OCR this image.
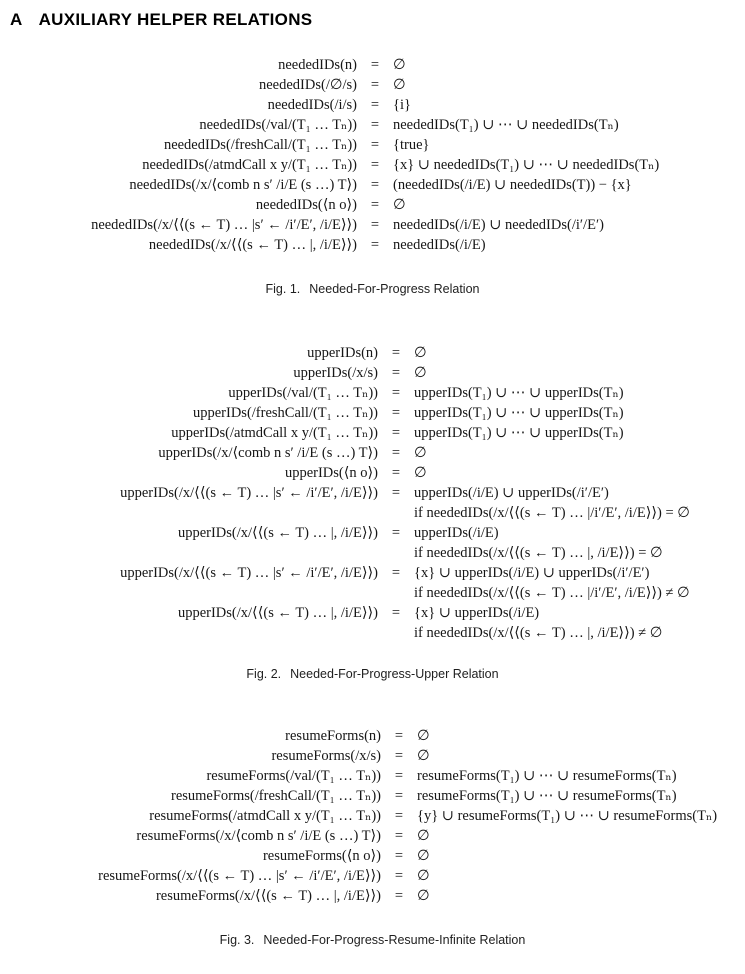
A AUXILIARY HELPER RELATIONS
neededIDs(n) = ∅
neededIDs(/∅/s) = ∅
neededIDs(/i/s) = {i}
neededIDs(/val/(T₁ … Tₙ)) = neededIDs(T₁) ∪ ⋯ ∪ neededIDs(Tₙ)
neededIDs(/freshCall/(T₁ … Tₙ)) = {true}
neededIDs(/atmdCall x y/(T₁ … Tₙ)) = {x} ∪ neededIDs(T₁) ∪ ⋯ ∪ neededIDs(Tₙ)
neededIDs(/x/⟨comb n s′ /i/E (s …) T⟩) = (neededIDs(/i/E) ∪ neededIDs(T)) − {x}
neededIDs(⟨n o⟩) = ∅
neededIDs(/x/⟨⟨(s ← T) … |s′ ← /i′/E′, /i/E⟩⟩) = neededIDs(/i/E) ∪ neededIDs(/i′/E′)
neededIDs(/x/⟨⟨(s ← T) … |, /i/E⟩⟩) = neededIDs(/i/E)
Fig. 1. Needed-For-Progress Relation
upperIDs(n) = ∅
upperIDs(/x/s) = ∅
upperIDs(/val/(T₁ … Tₙ)) = upperIDs(T₁) ∪ ⋯ ∪ upperIDs(Tₙ)
upperIDs(/freshCall/(T₁ … Tₙ)) = upperIDs(T₁) ∪ ⋯ ∪ upperIDs(Tₙ)
upperIDs(/atmdCall x y/(T₁ … Tₙ)) = upperIDs(T₁) ∪ ⋯ ∪ upperIDs(Tₙ)
upperIDs(/x/⟨comb n s′ /i/E (s …) T⟩) = ∅
upperIDs(⟨n o⟩) = ∅
upperIDs(/x/⟨⟨(s ← T) … |s′ ← /i′/E′, /i/E⟩⟩) = upperIDs(/i/E) ∪ upperIDs(/i′/E′)
if neededIDs(/x/⟨⟨(s ← T) … |/i′/E′, /i/E⟩⟩) = ∅
upperIDs(/x/⟨⟨(s ← T) … |, /i/E⟩⟩) = upperIDs(/i/E)
if neededIDs(/x/⟨⟨(s ← T) … |, /i/E⟩⟩) = ∅
upperIDs(/x/⟨⟨(s ← T) … |s′ ← /i′/E′, /i/E⟩⟩) = {x} ∪ upperIDs(/i/E) ∪ upperIDs(/i′/E′)
if neededIDs(/x/⟨⟨(s ← T) … |/i′/E′, /i/E⟩⟩) ≠ ∅
upperIDs(/x/⟨⟨(s ← T) … |, /i/E⟩⟩) = {x} ∪ upperIDs(/i/E)
if neededIDs(/x/⟨⟨(s ← T) … |, /i/E⟩⟩) ≠ ∅
Fig. 2. Needed-For-Progress-Upper Relation
resumeForms(n) = ∅
resumeForms(/x/s) = ∅
resumeForms(/val/(T₁ … Tₙ)) = resumeForms(T₁) ∪ ⋯ ∪ resumeForms(Tₙ)
resumeForms(/freshCall/(T₁ … Tₙ)) = resumeForms(T₁) ∪ ⋯ ∪ resumeForms(Tₙ)
resumeForms(/atmdCall x y/(T₁ … Tₙ)) = {y} ∪ resumeForms(T₁) ∪ ⋯ ∪ resumeForms(Tₙ)
resumeForms(/x/⟨comb n s′ /i/E (s …) T⟩) = ∅
resumeForms(⟨n o⟩) = ∅
resumeForms(/x/⟨⟨(s ← T) … |s′ ← /i′/E′, /i/E⟩⟩) = ∅
resumeForms(/x/⟨⟨(s ← T) … |, /i/E⟩⟩) = ∅
Fig. 3. Needed-For-Progress-Resume-Infinite Relation
